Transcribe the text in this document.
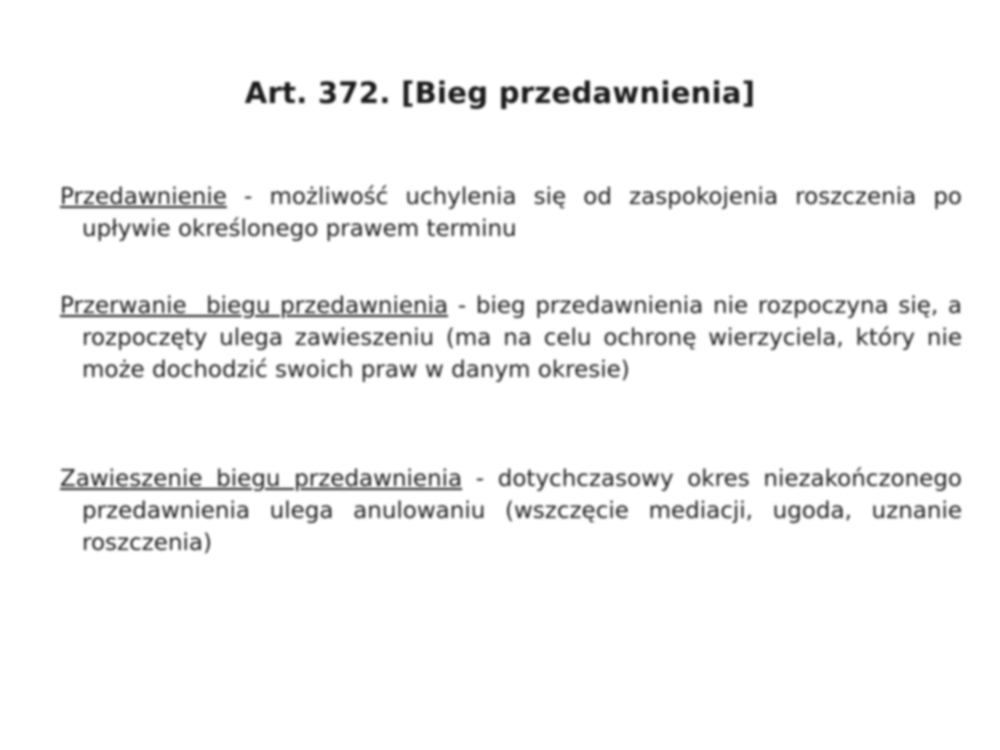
Art. 372. [Bieg przedawnienia]
Przedawnienie - możliwość uchylenia się od zaspokojenia roszczenia po upływie określonego prawem terminu
Przerwanie  biegu przedawnienia - bieg przedawnienia nie rozpoczyna się, a rozpoczęty ulega zawieszeniu (ma na celu ochronę wierzyciela, który nie może dochodzić swoich praw w danym okresie)
Zawieszenie biegu przedawnienia - dotychczasowy okres niezakończonego przedawnienia ulega anulowaniu (wszczęcie mediacji, ugoda, uznanie roszczenia)
